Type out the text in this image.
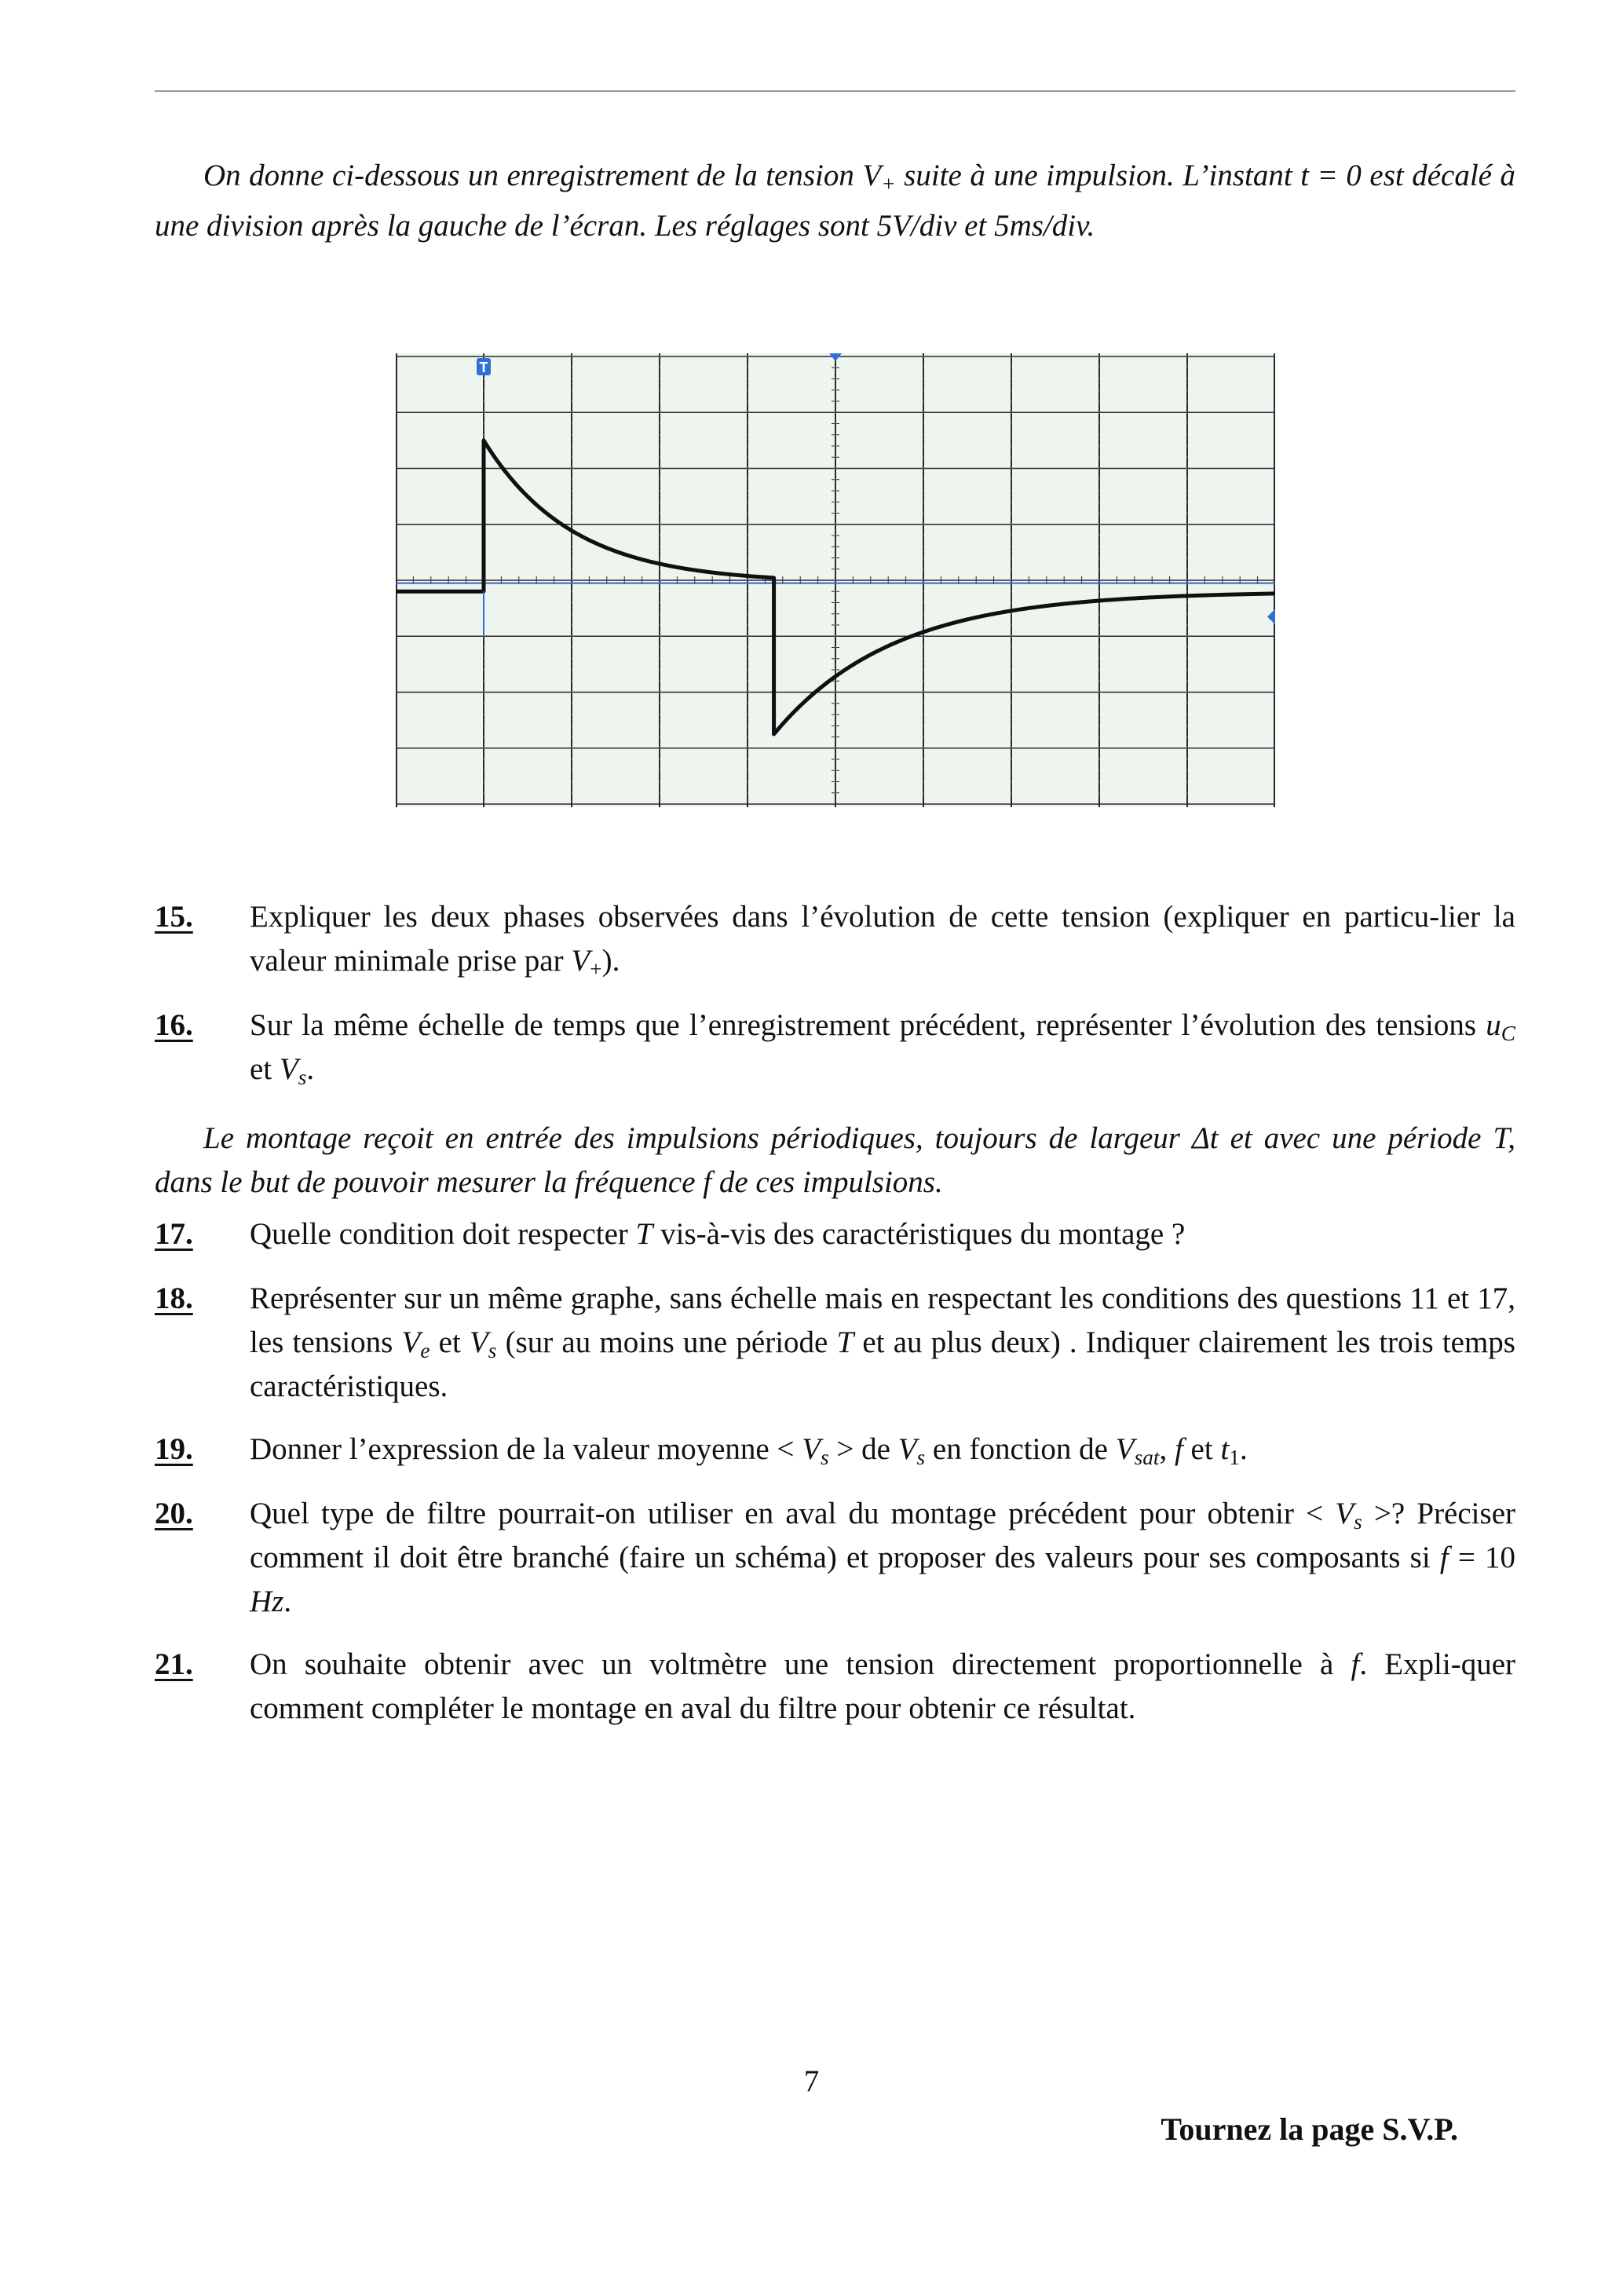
On donne ci-dessous un enregistrement de la tension $V_+$ suite à une impulsion. L’instant t = 0 est décalé à une division après la gauche de l’écran. Les réglages sont 5V/div et 5ms/div.

T
15. Expliquer les deux phases observées dans l’évolution de cette tension (expliquer en particu-lier la valeur minimale prise par $V_+$).
16. Sur la même échelle de temps que l’enregistrement précédent, représenter l’évolution des tensions $u_C$ et $V_s$.

Le montage reçoit en entrée des impulsions périodiques, toujours de largeur Δt et avec une période T, dans le but de pouvoir mesurer la fréquence f de ces impulsions.

17. Quelle condition doit respecter T vis-à-vis des caractéristiques du montage ?
18. Représenter sur un même graphe, sans échelle mais en respectant les conditions des questions 11 et 17, les tensions $V_e$ et $V_s$ (sur au moins une période T et au plus deux) . Indiquer clairement les trois temps caractéristiques.
19. Donner l’expression de la valeur moyenne < $V_s$ > de $V_s$ en fonction de $V_{sat}$, f et $t_1$.
20. Quel type de filtre pourrait-on utiliser en aval du montage précédent pour obtenir < $V_s$ >? Préciser comment il doit être branché (faire un schéma) et proposer des valeurs pour ses composants si f = 10 Hz.
21. On souhaite obtenir avec un voltmètre une tension directement proportionnelle à f. Expli-quer comment compléter le montage en aval du filtre pour obtenir ce résultat.
7
Tournez la page S.V.P.
